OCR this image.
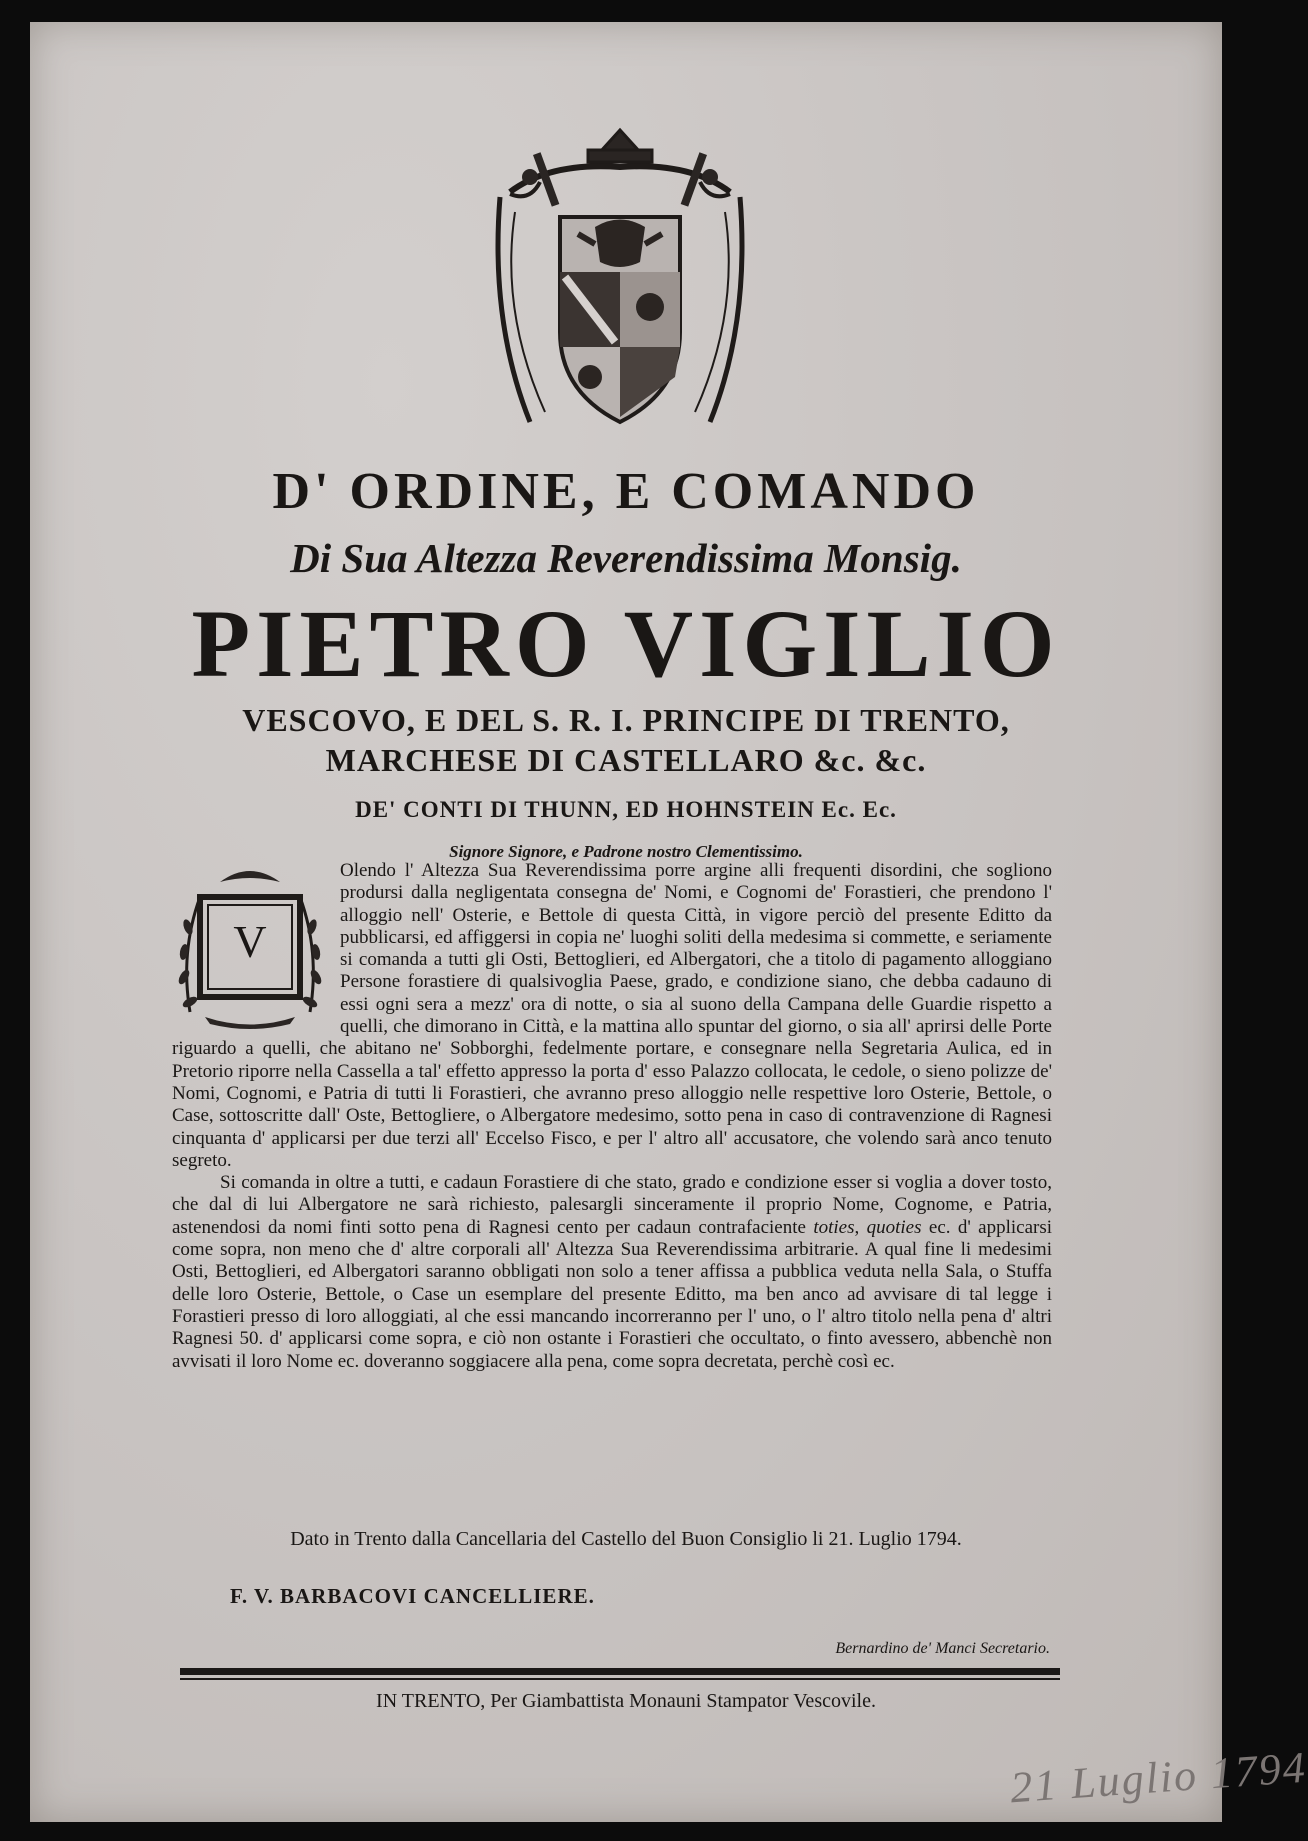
D' ORDINE, E COMANDO
Di Sua Altezza Reverendissima Monsig.
PIETRO VIGILIO
VESCOVO, E DEL S. R. I. PRINCIPE DI TRENTO,
MARCHESE DI CASTELLARO &c. &c.
DE' CONTI DI THUNN, ED HOHNSTEIN Ec. Ec.
Signore Signore, e Padrone nostro Clementissimo.

Olendo l' Altezza Sua Reverendissima porre argine alli frequenti disordini, che sogliono prodursi dalla negligentata consegna de' Nomi, e Cognomi de' Forastieri, che prendono l' alloggio nell' Osterie, e Bettole di questa Città, in vigore perciò del presente Editto da pubblicarsi, ed affiggersi in copia ne' luoghi soliti della medesima si commette, e seriamente si comanda a tutti gli Osti, Bettoglieri, ed Albergatori, che a titolo di pagamento alloggiano Persone forastiere di qualsivoglia Paese, grado, e condizione siano, che debba cadauno di essi ogni sera a mezz' ora di notte, o sia al suono della Campana delle Guardie rispetto a quelli, che dimorano in Città, e la mattina allo spuntar del giorno, o sia all' aprirsi delle Porte riguardo a quelli, che abitano ne' Sobborghi, fedelmente portare, e consegnare nella Segretaria Aulica, ed in Pretorio riporre nella Cassella a tal' effetto appresso la porta d' esso Palazzo collocata, le cedole, o sieno polizze de' Nomi, Cognomi, e Patria di tutti li Forastieri, che avranno preso alloggio nelle respettive loro Osterie, Bettole, o Case, sottoscritte dall' Oste, Bettogliere, o Albergatore medesimo, sotto pena in caso di contravenzione di Ragnesi cinquanta d' applicarsi per due terzi all' Eccelso Fisco, e per l' altro all' accusatore, che volendo sarà anco tenuto segreto.

Si comanda in oltre a tutti, e cadaun Forastiere di che stato, grado e condizione esser si voglia a dover tosto, che dal di lui Albergatore ne sarà richiesto, palesargli sinceramente il proprio Nome, Cognome, e Patria, astenendosi da nomi finti sotto pena di Ragnesi cento per cadaun contrafaciente toties, quoties ec. d' applicarsi come sopra, non meno che d' altre corporali all' Altezza Sua Reverendissima arbitrarie. A qual fine li medesimi Osti, Bettoglieri, ed Albergatori saranno obbligati non solo a tener affissa a pubblica veduta nella Sala, o Stuffa delle loro Osterie, Bettole, o Case un esemplare del presente Editto, ma ben anco ad avvisare di tal legge i Forastieri presso di loro alloggiati, al che essi mancando incorreranno per l' uno, o l' altro titolo nella pena d' altri Ragnesi 50. d' applicarsi come sopra, e ciò non ostante i Forastieri che occultato, o finto avessero, abbenchè non avvisati il loro Nome ec. doveranno soggiacere alla pena, come sopra decretata, perchè così ec.

V
Dato in Trento dalla Cancellaria del Castello del Buon Consiglio li 21. Luglio 1794.
F. V. BARBACOVI CANCELLIERE.
Bernardino de' Manci Secretario.
IN TRENTO, Per Giambattista Monauni Stampator Vescovile.
21 Luglio 1794
